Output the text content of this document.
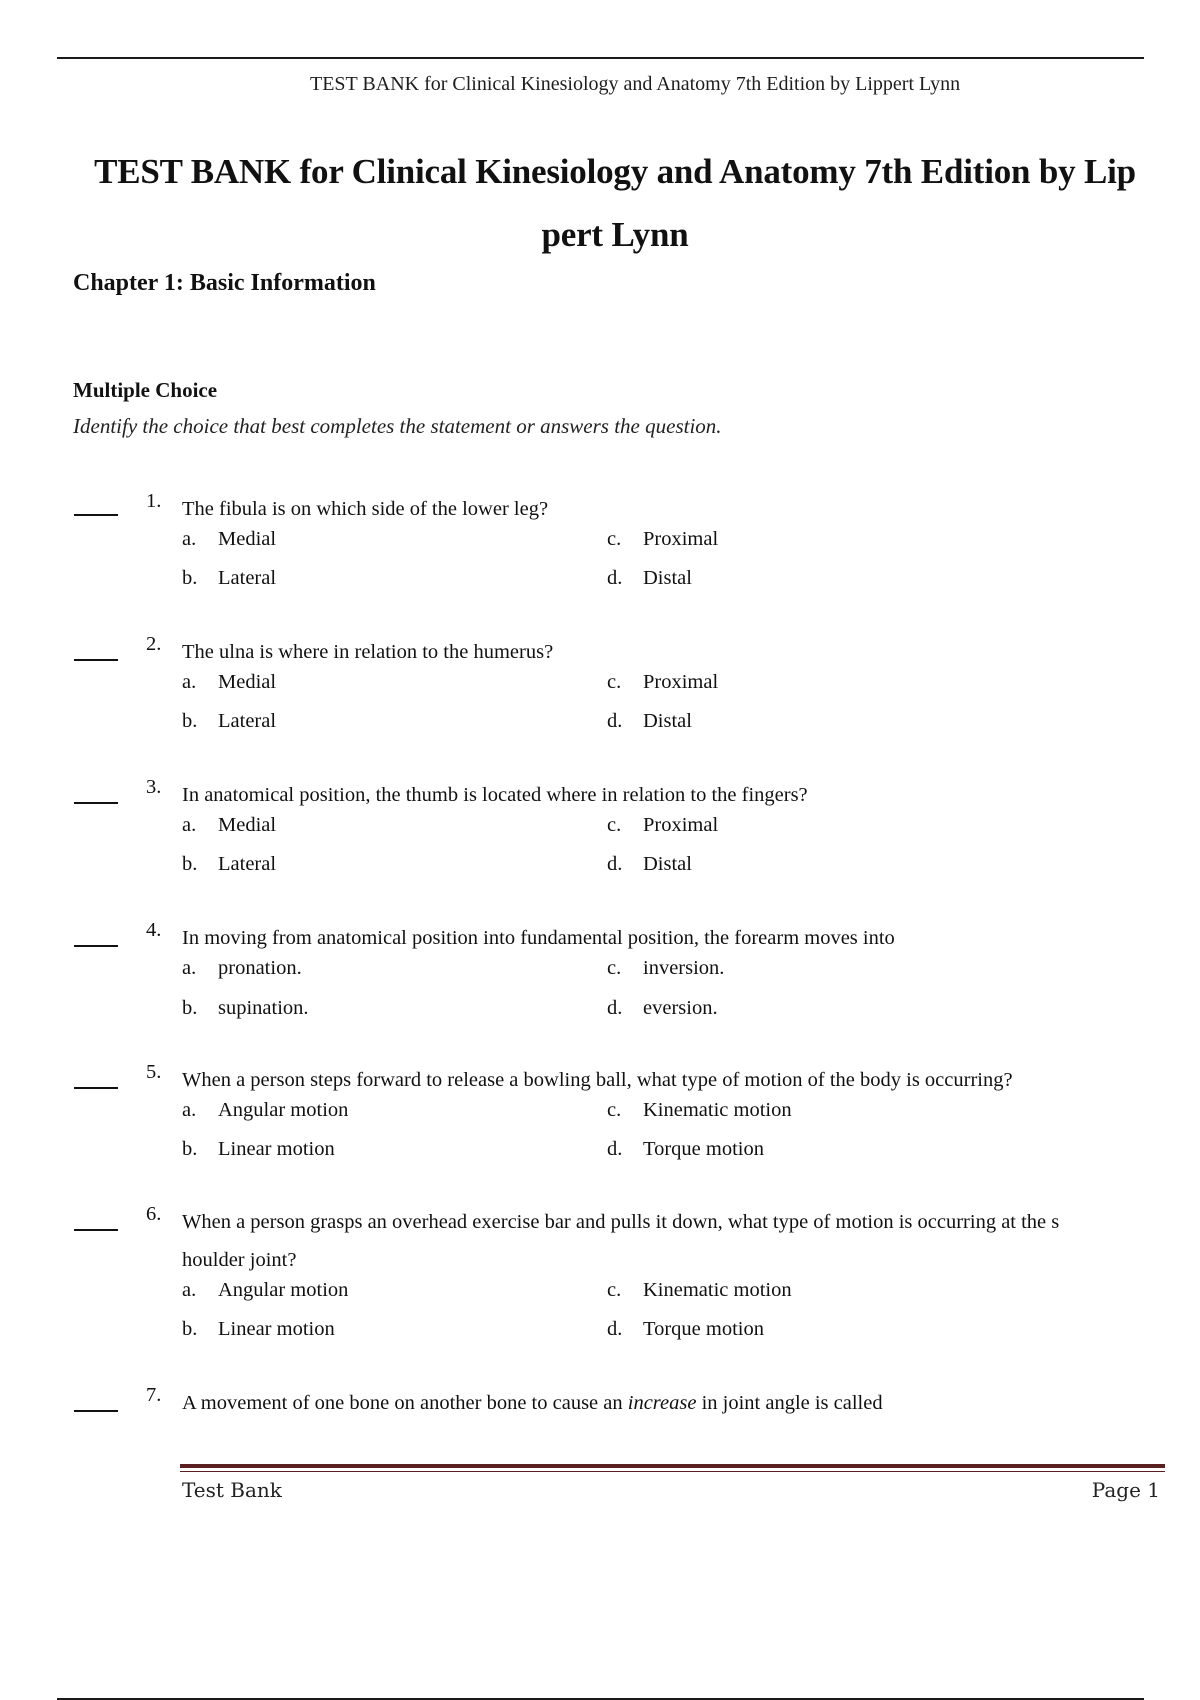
TEST BANK for Clinical Kinesiology and Anatomy 7th Edition by Lippert Lynn
TEST BANK for Clinical Kinesiology and Anatomy 7th Edition by Lip
pert Lynn
Chapter 1: Basic Information
Multiple Choice
Identify the choice that best completes the statement or answers the question.
1. The fibula is on which side of the lower leg?
a. Medial
b. Lateral
c. Proximal
d. Distal
2. The ulna is where in relation to the humerus?
a. Medial
b. Lateral
c. Proximal
d. Distal
3. In anatomical position, the thumb is located where in relation to the fingers?
a. Medial
b. Lateral
c. Proximal
d. Distal
4. In moving from anatomical position into fundamental position, the forearm moves into
a. pronation.
b. supination.
c. inversion.
d. eversion.
5. When a person steps forward to release a bowling ball, what type of motion of the body is occurring?
a. Angular motion
b. Linear motion
c. Kinematic motion
d. Torque motion
6. When a person grasps an overhead exercise bar and pulls it down, what type of motion is occurring at the s
houlder joint?
a. Angular motion
b. Linear motion
c. Kinematic motion
d. Torque motion
7. A movement of one bone on another bone to cause an increase in joint angle is called
Test Bank	Page 1
